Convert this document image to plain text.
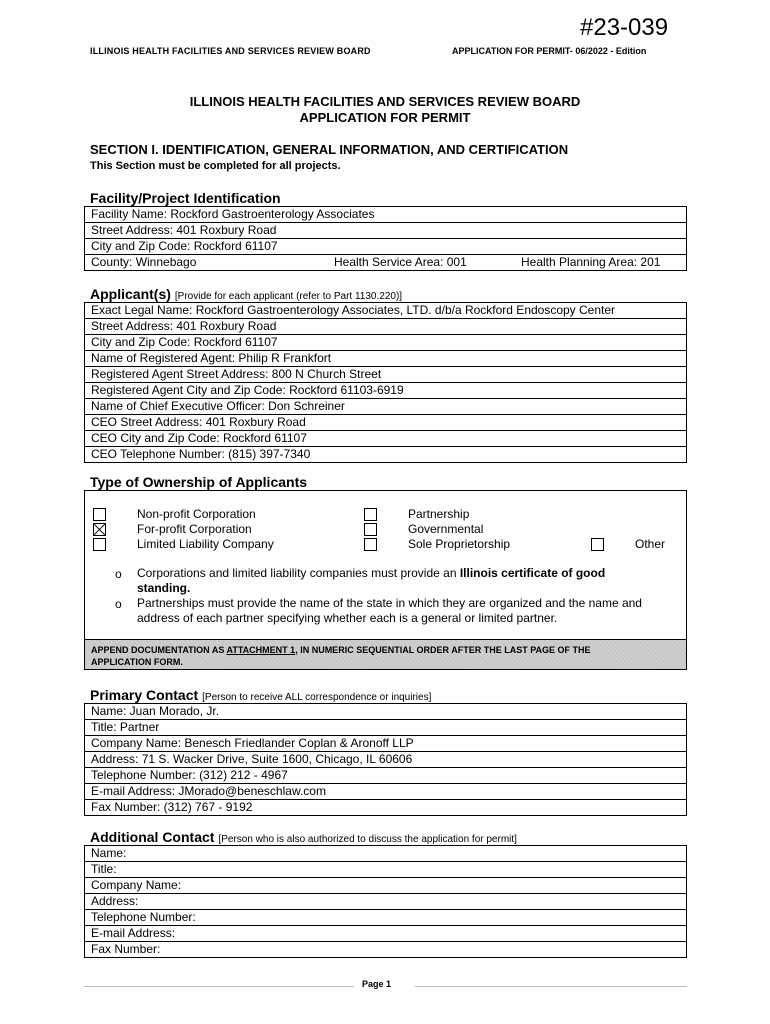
#23-039
ILLINOIS HEALTH FACILITIES AND SERVICES REVIEW BOARD	APPLICATION FOR PERMIT- 06/2022 - Edition
ILLINOIS HEALTH FACILITIES AND SERVICES REVIEW BOARD
APPLICATION FOR PERMIT
SECTION I. IDENTIFICATION, GENERAL INFORMATION, AND CERTIFICATION
This Section must be completed for all projects.
Facility/Project Identification
Facility Name: Rockford Gastroenterology Associates
Street Address: 401 Roxbury Road
City and Zip Code: Rockford 61107

County: Winnebago	Health Service Area: 001	Health Planning Area: 201
Applicant(s) [Provide for each applicant (refer to Part 1130.220)]
Exact Legal Name: Rockford Gastroenterology Associates, LTD. d/b/a Rockford Endoscopy Center
Street Address: 401 Roxbury Road
City and Zip Code: Rockford 61107
Name of Registered Agent: Philip R Frankfort
Registered Agent Street Address: 800 N Church Street
Registered Agent City and Zip Code: Rockford 61103-6919
Name of Chief Executive Officer: Don Schreiner
CEO Street Address: 401 Roxbury Road
CEO City and Zip Code: Rockford 61107
CEO Telephone Number: (815) 397-7340
Type of Ownership of Applicants
Non-profit Corporation
For-profit Corporation
Limited Liability Company
Partnership
Governmental
Sole Proprietorship	Other
o Corporations and limited liability companies must provide an Illinois certificate of good
standing.
o Partnerships must provide the name of the state in which they are organized and the name and
address of each partner specifying whether each is a general or limited partner.
APPEND DOCUMENTATION AS ATTACHMENT 1, IN NUMERIC SEQUENTIAL ORDER AFTER THE LAST PAGE OF THE
APPLICATION FORM.
Primary Contact [Person to receive ALL correspondence or inquiries]
Name: Juan Morado, Jr.
Title: Partner
Company Name: Benesch Friedlander Coplan & Aronoff LLP
Address: 71 S. Wacker Drive, Suite 1600, Chicago, IL 60606
Telephone Number: (312) 212 - 4967
E-mail Address: JMorado@beneschlaw.com
Fax Number: (312) 767 - 9192
Additional Contact [Person who is also authorized to discuss the application for permit]
Name:
Title:
Company Name:
Address:
Telephone Number:
E-mail Address:
Fax Number:
Page 1
